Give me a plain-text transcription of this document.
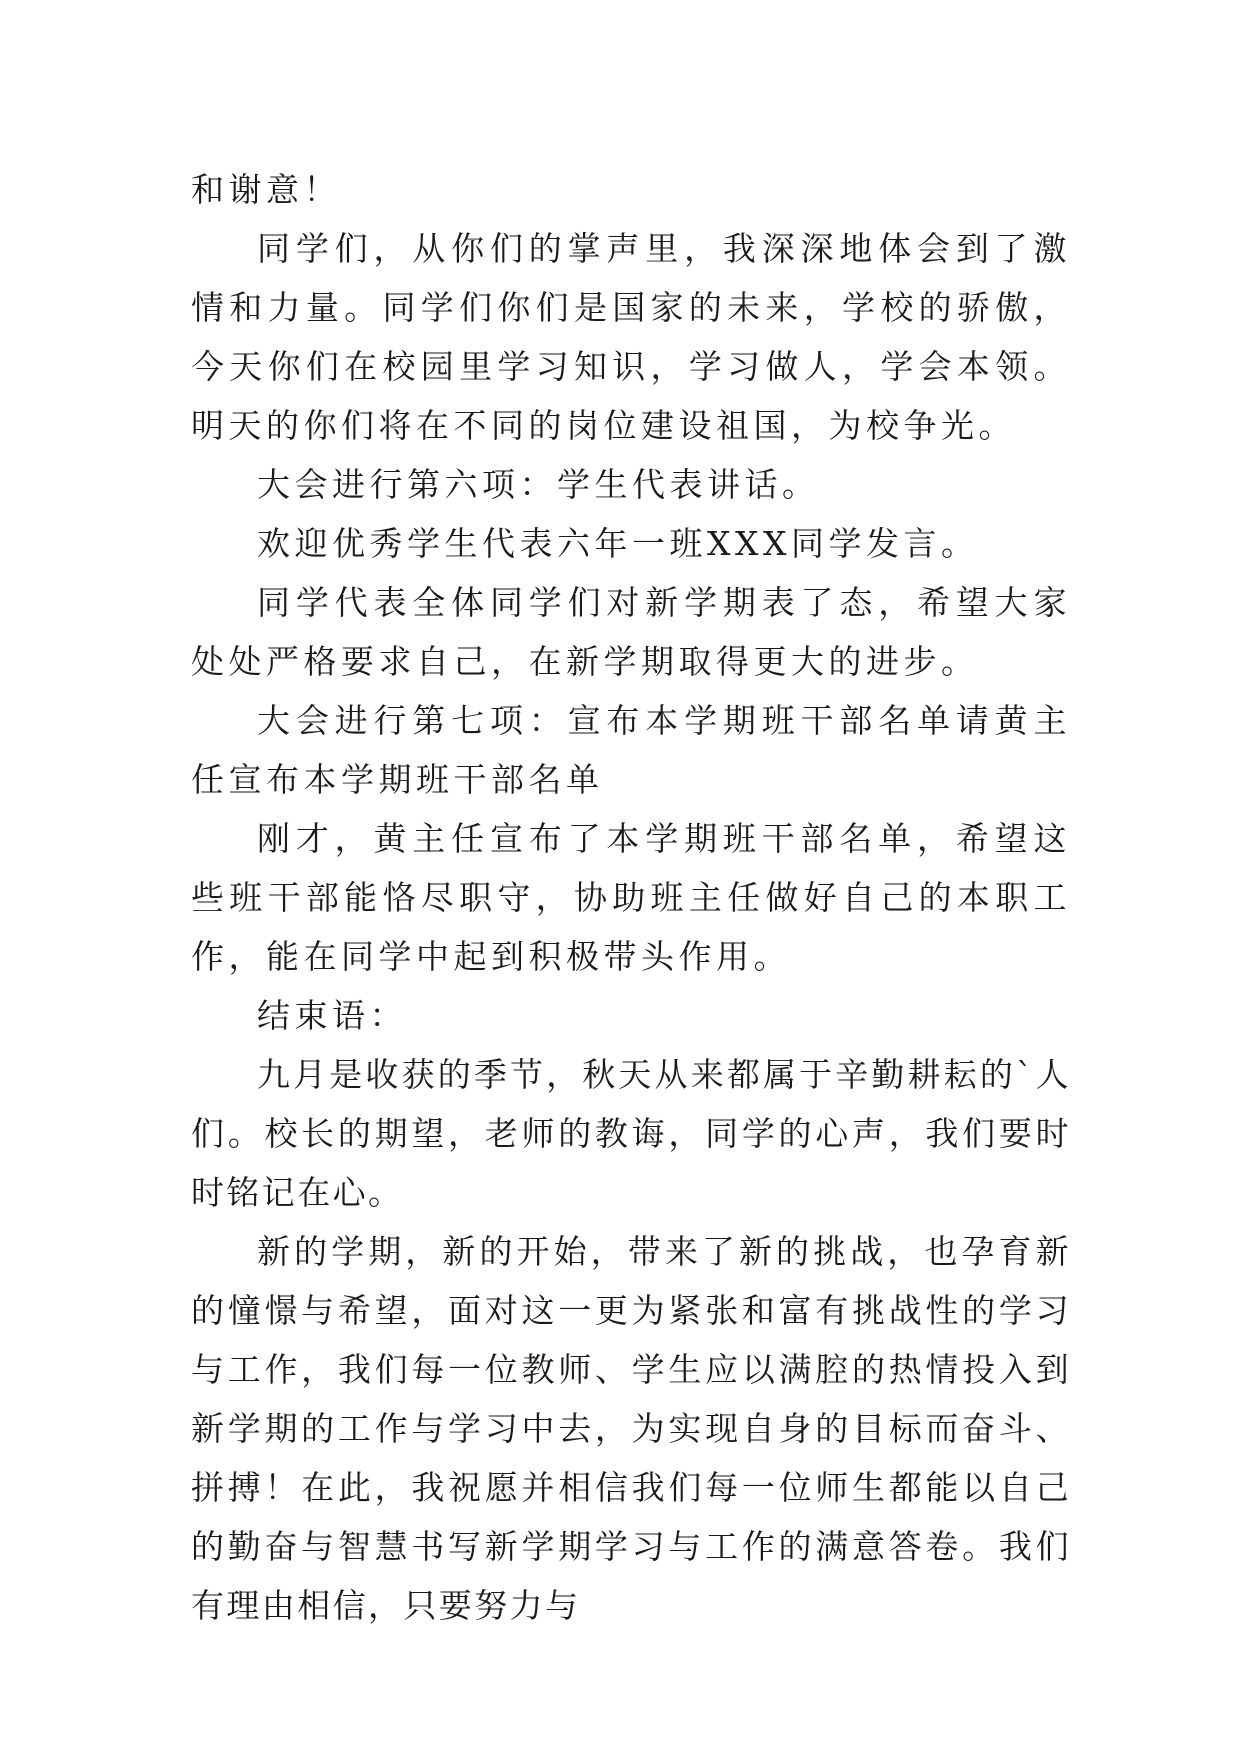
和谢意！

同学们，从你们的掌声里，我深深地体会到了激情和力量。同学们你们是国家的未来，学校的骄傲，今天你们在校园里学习知识，学习做人，学会本领。明天的你们将在不同的岗位建设祖国，为校争光。

大会进行第六项：学生代表讲话。

欢迎优秀学生代表六年一班XXX同学发言。

同学代表全体同学们对新学期表了态，希望大家处处严格要求自己，在新学期取得更大的进步。

大会进行第七项：宣布本学期班干部名单请黄主任宣布本学期班干部名单

刚才，黄主任宣布了本学期班干部名单，希望这些班干部能恪尽职守，协助班主任做好自己的本职工作，能在同学中起到积极带头作用。

结束语：

九月是收获的季节，秋天从来都属于辛勤耕耘的`人们。校长的期望，老师的教诲，同学的心声，我们要时时铭记在心。

新的学期，新的开始，带来了新的挑战，也孕育新的憧憬与希望，面对这一更为紧张和富有挑战性的学习与工作，我们每一位教师、学生应以满腔的热情投入到新学期的工作与学习中去，为实现自身的目标而奋斗、拼搏！在此，我祝愿并相信我们每一位师生都能以自己的勤奋与智慧书写新学期学习与工作的满意答卷。我们有理由相信，只要努力与
